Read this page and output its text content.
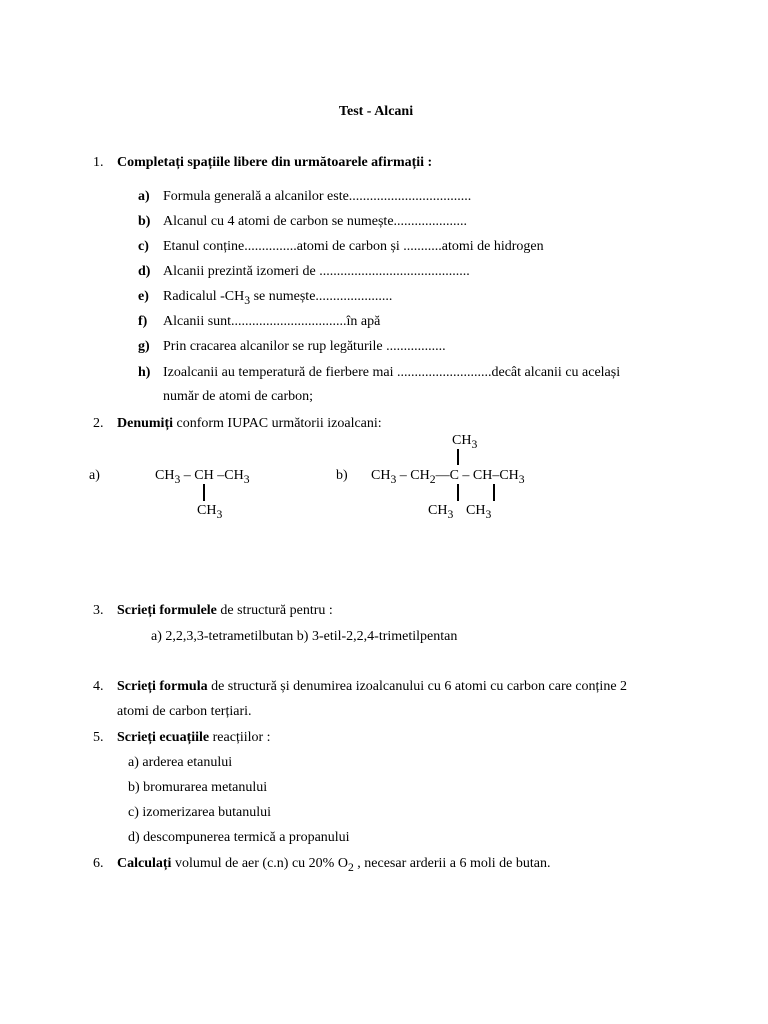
Test - Alcani
1. Completați spațiile libere din următoarele afirmații :
a) Formula generală a alcanilor este...................................
b) Alcanul cu 4 atomi de carbon se numește.....................
c) Etanul conține...............atomi de carbon și ...........atomi de hidrogen
d) Alcanii prezintă izomeri de ...........................................
e) Radicalul $-CH_3$ se numește......................
f) Alcanii sunt.................................în apă
g) Prin cracarea alcanilor se rup legăturile .................
h) Izoalcanii au temperatură de fierbere mai ...........................decât alcanii cu același
număr de atomi de carbon;
2. Denumiți conform IUPAC următorii izoalcani:
a)	$CH_3$ – CH $-CH_3$
$CH_3$
b)
$CH_3$
$CH_3$ – $CH_2—C - CH-CH_3$
$CH_3$ $CH_3$
3. Scrieți formulele de structură pentru :
a) 2,2,3,3-tetrametilbutan b) 3-etil-2,2,4-trimetilpentan
4. Scrieți formula de structură și denumirea izoalcanului cu 6 atomi cu carbon care conține 2
atomi de carbon terțiari.
5. Scrieți ecuațiile reacțiilor :
a) arderea etanului
b) bromurarea metanului
c) izomerizarea butanului
d) descompunerea termică a propanului
6. Calculați volumul de aer (c.n) cu 20% $O_2$ , necesar arderii a 6 moli de butan.
